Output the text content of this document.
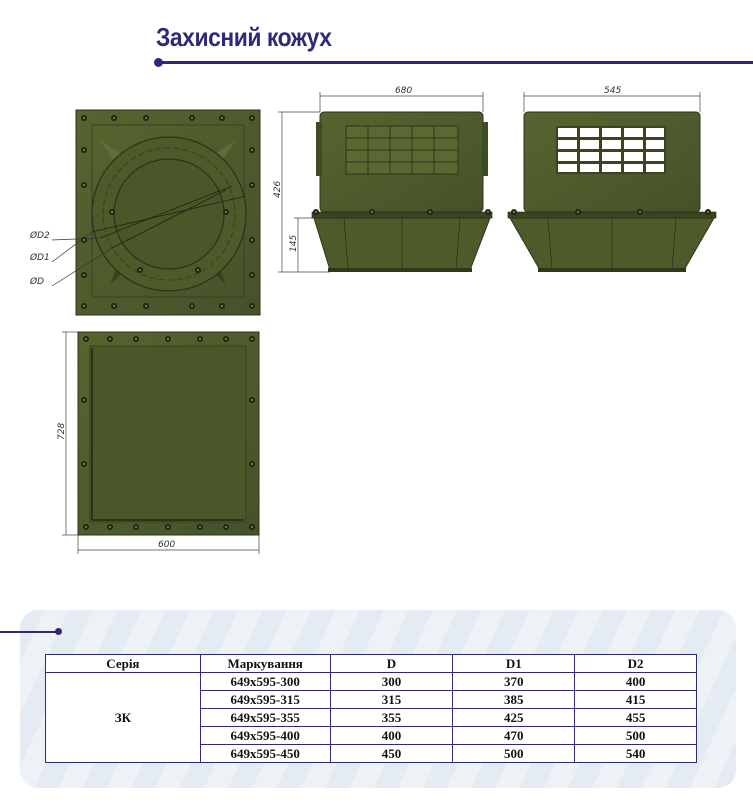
Захисний кожух
ØD2
ØD1
ØD
680
426
145
545
728
600
Серія	Маркування	D	D1	D2
ЗК	649x595-300	300	370	400
	649x595-315	315	385	415
	649x595-355	355	425	455
	649x595-400	400	470	500
	649x595-450	450	500	540
